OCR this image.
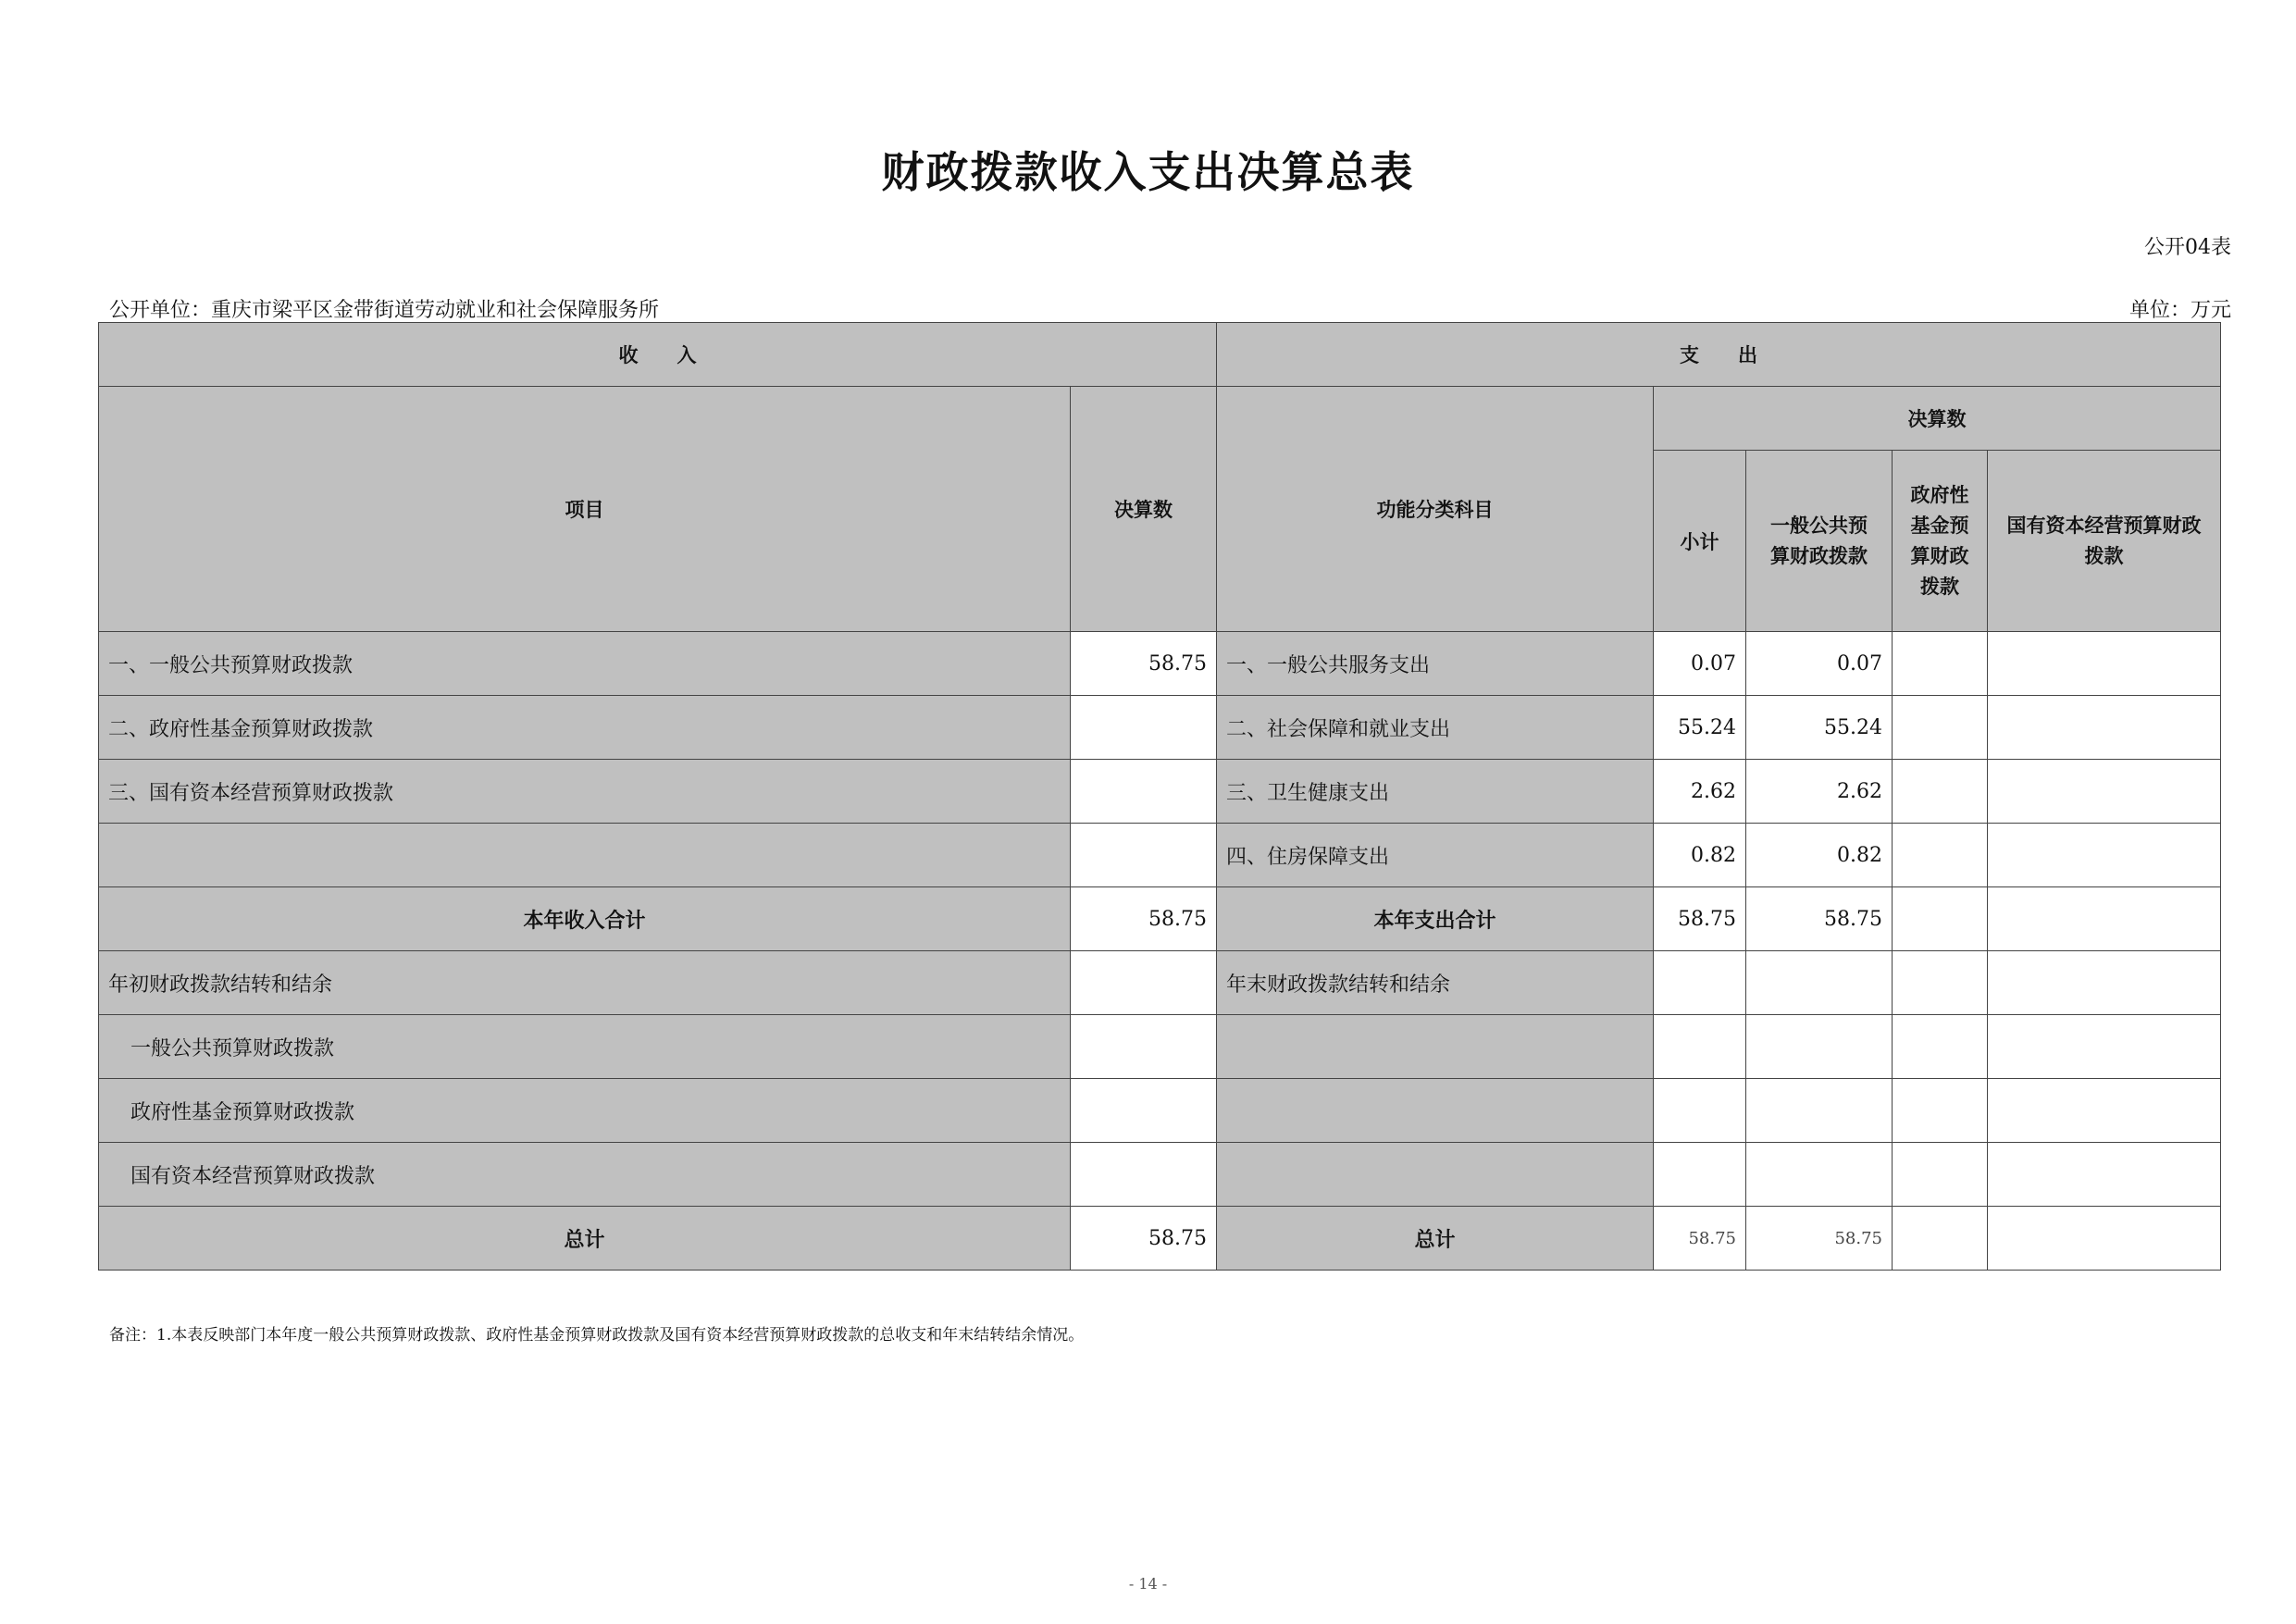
财政拨款收入支出决算总表
公开04表
公开单位：重庆市梁平区金带街道劳动就业和社会保障服务所	单位：万元
收　　入		支　　出				
项目	决算数	功能分类科目	决算数			
			小计	一般公共预算财政拨款	政府性基金预算财政拨款	国有资本经营预算财政拨款
一、一般公共预算财政拨款	58.75	一、一般公共服务支出	0.07	0.07		
二、政府性基金预算财政拨款		二、社会保障和就业支出	55.24	55.24		
三、国有资本经营预算财政拨款		三、卫生健康支出	2.62	2.62		
		四、住房保障支出	0.82	0.82		
本年收入合计	58.75	本年支出合计	58.75	58.75		
年初财政拨款结转和结余		年末财政拨款结转和结余				
一般公共预算财政拨款						
政府性基金预算财政拨款						
国有资本经营预算财政拨款						
总计	58.75	总计	58.75	58.75		
备注：1.本表反映部门本年度一般公共预算财政拨款、政府性基金预算财政拨款及国有资本经营预算财政拨款的总收支和年末结转结余情况。
- 14 -
